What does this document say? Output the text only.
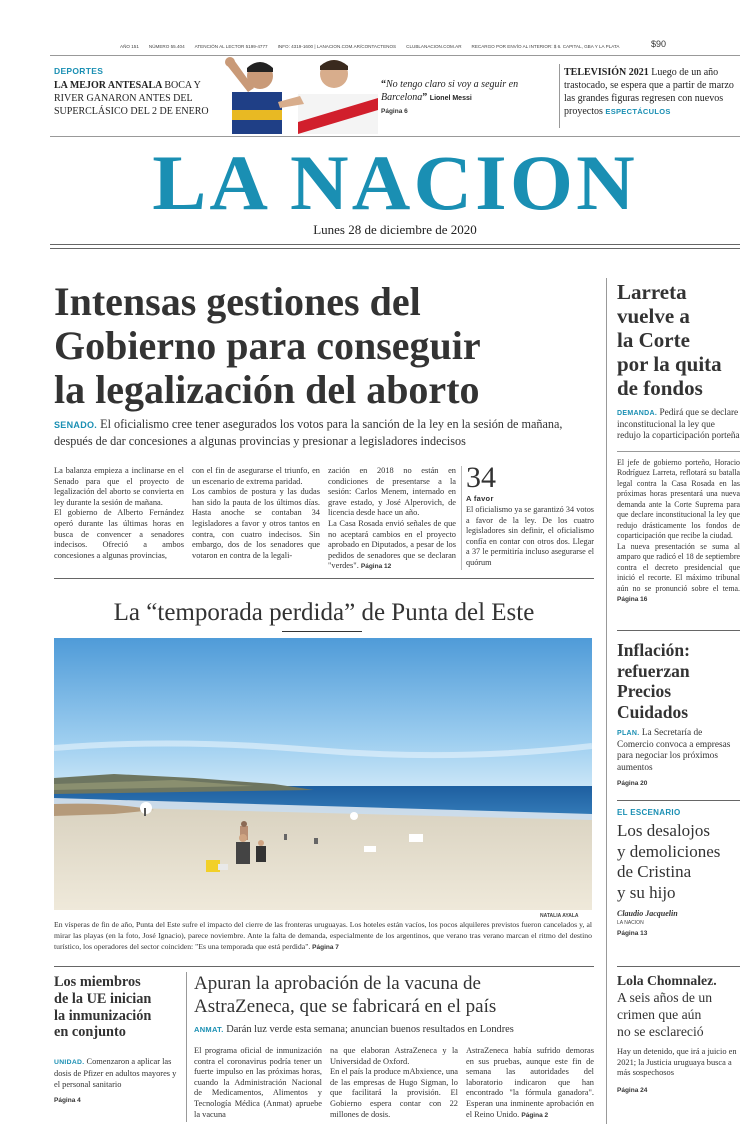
AÑO 151 NÚMERO 55.404 ATENCIÓN AL LECTOR 5199-4777 INFO: 4319-1600 | LANACION.COM.AR/CONTACTENOS CLUBLANACION.COM.AR RECARGO POR ENVÍO AL INTERIOR: $ 6. CAPITAL, GBA Y LA PLATA	$90
DEPORTES
LA MEJOR ANTESALA BOCA Y RIVER GANARON ANTES DEL SUPERCLÁSICO DEL 2 DE ENERO
“No tengo claro si voy a seguir en Barcelona” Lionel Messi
Página 6
TELEVISIÓN 2021 Luego de un año trastocado, se espera que a partir de marzo las grandes figuras regresen con nuevos proyectos ESPECTÁCULOS
LA NACION
Lunes 28 de diciembre de 2020
Intensas gestiones del
Gobierno para conseguir
la legalización del aborto
SENADO. El oficialismo cree tener asegurados los votos para la sanción de la ley en la sesión de mañana, después de dar concesiones a algunas provincias y presionar a legisladores indecisos

La balanza empieza a inclinarse en el Senado para que el proyecto de legalización del aborto se convierta en ley durante la sesión de mañana.
El gobierno de Alberto Fernández operó durante las últimas horas en busca de convencer a senadores indecisos. Ofreció a ambos concesiones a algunas provincias,

con el fin de asegurarse el triunfo, en un escenario de extrema paridad.
Los cambios de postura y las dudas han sido la pauta de los últimos días. Hasta anoche se contaban 34 legisladores a favor y otros tantos en contra, con cuatro indecisos. Sin embargo, dos de los senadores que votaron en contra de la legali-

zación en 2018 no están en condiciones de presentarse a la sesión: Carlos Menem, internado en grave estado, y José Alperovich, de licencia desde hace un año.
La Casa Rosada envió señales de que no aceptará cambios en el proyecto aprobado en Diputados, a pesar de los pedidos de senadores que se declaran "verdes". Página 12

34
A favor

El oficialismo ya se garantizó 34 votos a favor de la ley. De los cuatro legisladores sin definir, el oficialismo confía en contar con otros dos. Llegar a 37 le permitiría incluso asegurarse el quórum

La “temporada perdida” de Punta del Este
NATALIA AYALA

En vísperas de fin de año, Punta del Este sufre el impacto del cierre de las fronteras uruguayas. Los hoteles están vacíos, los pocos alquileres previstos fueron cancelados y, al mirar las playas (en la foto, José Ignacio), parece noviembre. Ante la falta de demanda, especialmente de los argentinos, que verano tras verano marcan el ritmo del destino turístico, los operadores del sector coinciden: "Es una temporada que está perdida". Página 7

Larreta
vuelve a
la Corte
por la quita
de fondos
DEMANDA. Pedirá que se declare inconstitucional la ley que redujo la coparticipación porteña

El jefe de gobierno porteño, Horacio Rodríguez Larreta, reflotará su batalla legal contra la Casa Rosada en las próximas horas presentará una nueva demanda ante la Corte Suprema para que declare inconstitucional la ley que redujo drásticamente los fondos de coparticipación que recibe la ciudad.
La nueva presentación se suma al amparo que radicó el 18 de septiembre contra el decreto presidencial que inició el recorte. El máximo tribunal aún no se pronunció sobre el tema. Página 16

Inflación:
refuerzan
Precios
Cuidados
PLAN. La Secretaría de Comercio convoca a empresas para negociar los próximos aumentos
Página 20
EL ESCENARIO
Los desalojos
y demoliciones
de Cristina
y su hijo
Claudio Jacquelin
LA NACION
Página 13
Lola Chomnalez.
A seis años de un
crimen que aún
no se esclareció
Hay un detenido, que irá a juicio en 2021; la Justicia uruguaya busca a más sospechosos
Página 24
Los miembros
de la UE inician
la inmunización
en conjunto
UNIDAD. Comenzaron a aplicar las dosis de Pfizer en adultos mayores y el personal sanitario
Página 4
Apuran la aprobación de la vacuna de
AstraZeneca, que se fabricará en el país
ANMAT. Darán luz verde esta semana; anuncian buenos resultados en Londres

El programa oficial de inmunización contra el coronavirus podría tener un fuerte impulso en las próximas horas, cuando la Administración Nacional de Medicamentos, Alimentos y Tecnología Médica (Anmat) apruebe la vacuna

na que elaboran AstraZeneca y la Universidad de Oxford.
En el país la produce mAbxience, una de las empresas de Hugo Sigman, lo que facilitará la provisión. El Gobierno espera contar con 22 millones de dosis.

AstraZeneca había sufrido demoras en sus pruebas, aunque este fin de semana las autoridades del laboratorio indicaron que han encontrado "la fórmula ganadora". Esperan una inminente aprobación en el Reino Unido. Página 2
